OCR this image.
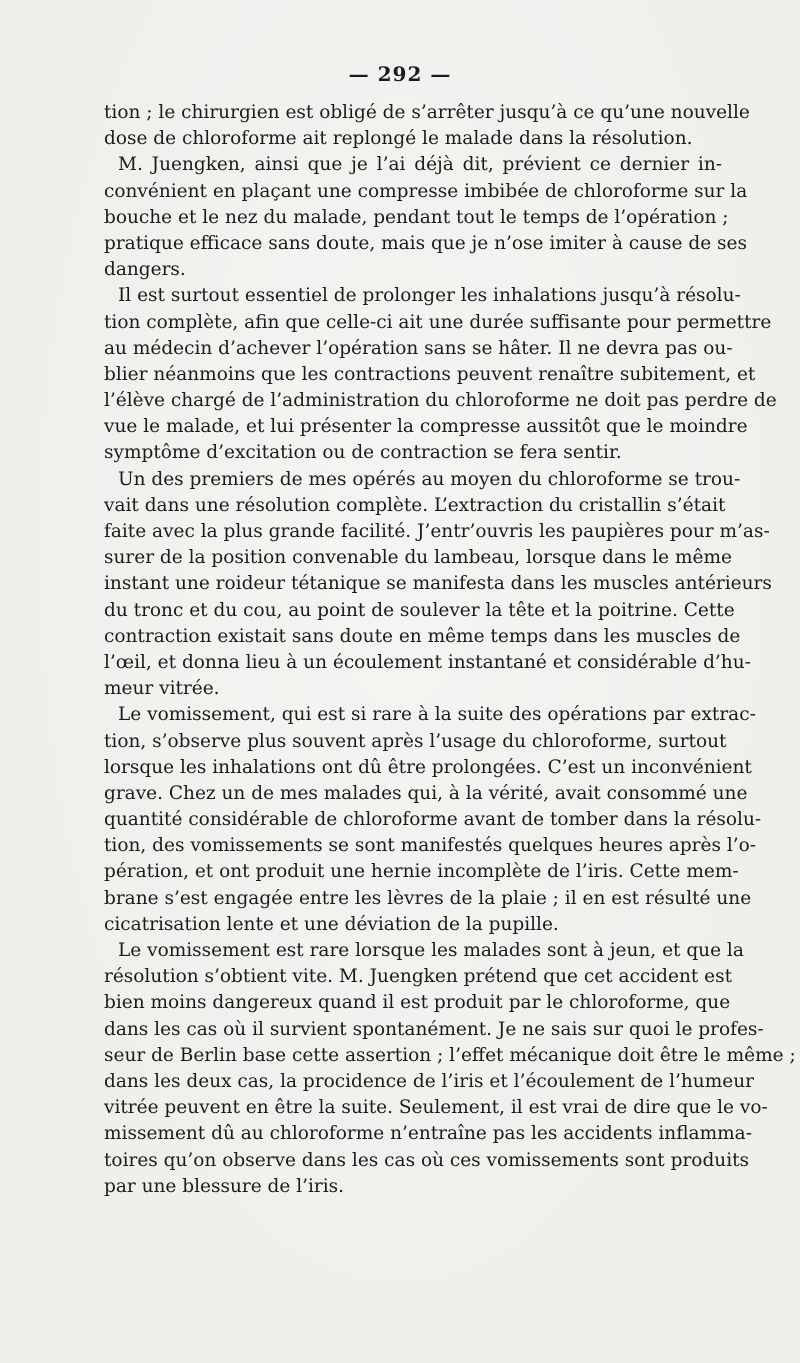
— 292 —
tion ; le chirurgien est obligé de s’arrêter jusqu’à ce qu’une nouvelle
dose de chloroforme ait replongé le malade dans la résolution.
M. Juengken, ainsi que je l’ai déjà dit, prévient ce dernier in-
convénient en plaçant une compresse imbibée de chloroforme sur la
bouche et le nez du malade, pendant tout le temps de l’opération ;
pratique efficace sans doute, mais que je n’ose imiter à cause de ses
dangers.
Il est surtout essentiel de prolonger les inhalations jusqu’à résolu-
tion complète, afin que celle-ci ait une durée suffisante pour permettre
au médecin d’achever l’opération sans se hâter. Il ne devra pas ou-
blier néanmoins que les contractions peuvent renaître subitement, et
l’élève chargé de l’administration du chloroforme ne doit pas perdre de
vue le malade, et lui présenter la compresse aussitôt que le moindre
symptôme d’excitation ou de contraction se fera sentir.
Un des premiers de mes opérés au moyen du chloroforme se trou-
vait dans une résolution complète. L’extraction du cristallin s’était
faite avec la plus grande facilité. J’entr’ouvris les paupières pour m’as-
surer de la position convenable du lambeau, lorsque dans le même
instant une roideur tétanique se manifesta dans les muscles antérieurs
du tronc et du cou, au point de soulever la tête et la poitrine. Cette
contraction existait sans doute en même temps dans les muscles de
l’œil, et donna lieu à un écoulement instantané et considérable d’hu-
meur vitrée.
Le vomissement, qui est si rare à la suite des opérations par extrac-
tion, s’observe plus souvent après l’usage du chloroforme, surtout
lorsque les inhalations ont dû être prolongées. C’est un inconvénient
grave. Chez un de mes malades qui, à la vérité, avait consommé une
quantité considérable de chloroforme avant de tomber dans la résolu-
tion, des vomissements se sont manifestés quelques heures après l’o-
pération, et ont produit une hernie incomplète de l’iris. Cette mem-
brane s’est engagée entre les lèvres de la plaie ; il en est résulté une
cicatrisation lente et une déviation de la pupille.
Le vomissement est rare lorsque les malades sont à jeun, et que la
résolution s’obtient vite. M. Juengken prétend que cet accident est
bien moins dangereux quand il est produit par le chloroforme, que
dans les cas où il survient spontanément. Je ne sais sur quoi le profes-
seur de Berlin base cette assertion ; l’effet mécanique doit être le même ;
dans les deux cas, la procidence de l’iris et l’écoulement de l’humeur
vitrée peuvent en être la suite. Seulement, il est vrai de dire que le vo-
missement dû au chloroforme n’entraîne pas les accidents inflamma-
toires qu’on observe dans les cas où ces vomissements sont produits
par une blessure de l’iris.
